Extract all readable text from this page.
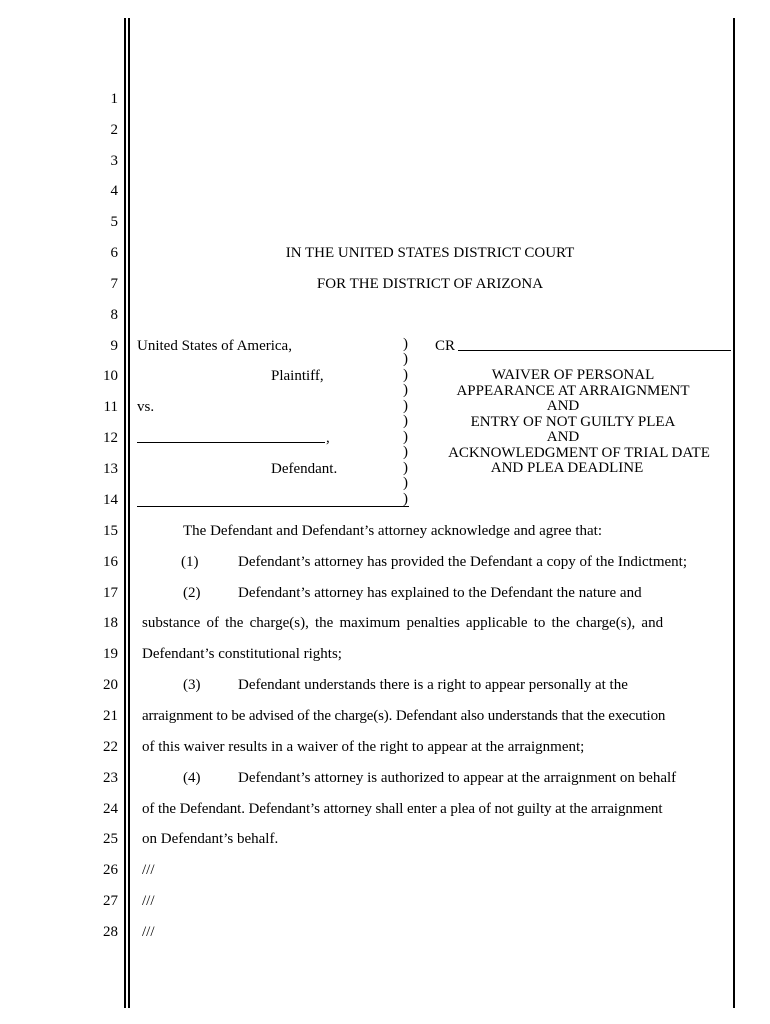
1
2
3
4
5
6
7
8
9
10
11
12
13
14
15
16
17
18
19
20
21
22
23
24
25
26
27
28
IN THE UNITED STATES DISTRICT COURT
FOR THE DISTRICT OF ARIZONA
United States of America,
Plaintiff,
vs.
,
Defendant.
)
)
)
)
)
)
)
)
)
)
)
CR
WAIVER OF PERSONAL
APPEARANCE AT ARRAIGNMENT
AND
ENTRY OF NOT GUILTY PLEA
AND
ACKNOWLEDGMENT OF TRIAL DATE
AND PLEA DEADLINE
The Defendant and Defendant’s attorney acknowledge and agree that:
(1)	Defendant’s attorney has provided the Defendant a copy of the Indictment;
(2)	Defendant’s attorney has explained to the Defendant the nature and
substance of the charge(s), the maximum penalties applicable to the charge(s), and
Defendant’s constitutional rights;
(3)	Defendant understands there is a right to appear personally at the
arraignment to be advised of the charge(s). Defendant also understands that the execution
of this waiver results in a waiver of the right to appear at the arraignment;
(4)	Defendant’s attorney is authorized to appear at the arraignment on behalf
of the Defendant. Defendant’s attorney shall enter a plea of not guilty at the arraignment
on Defendant’s behalf.
///
///
///
